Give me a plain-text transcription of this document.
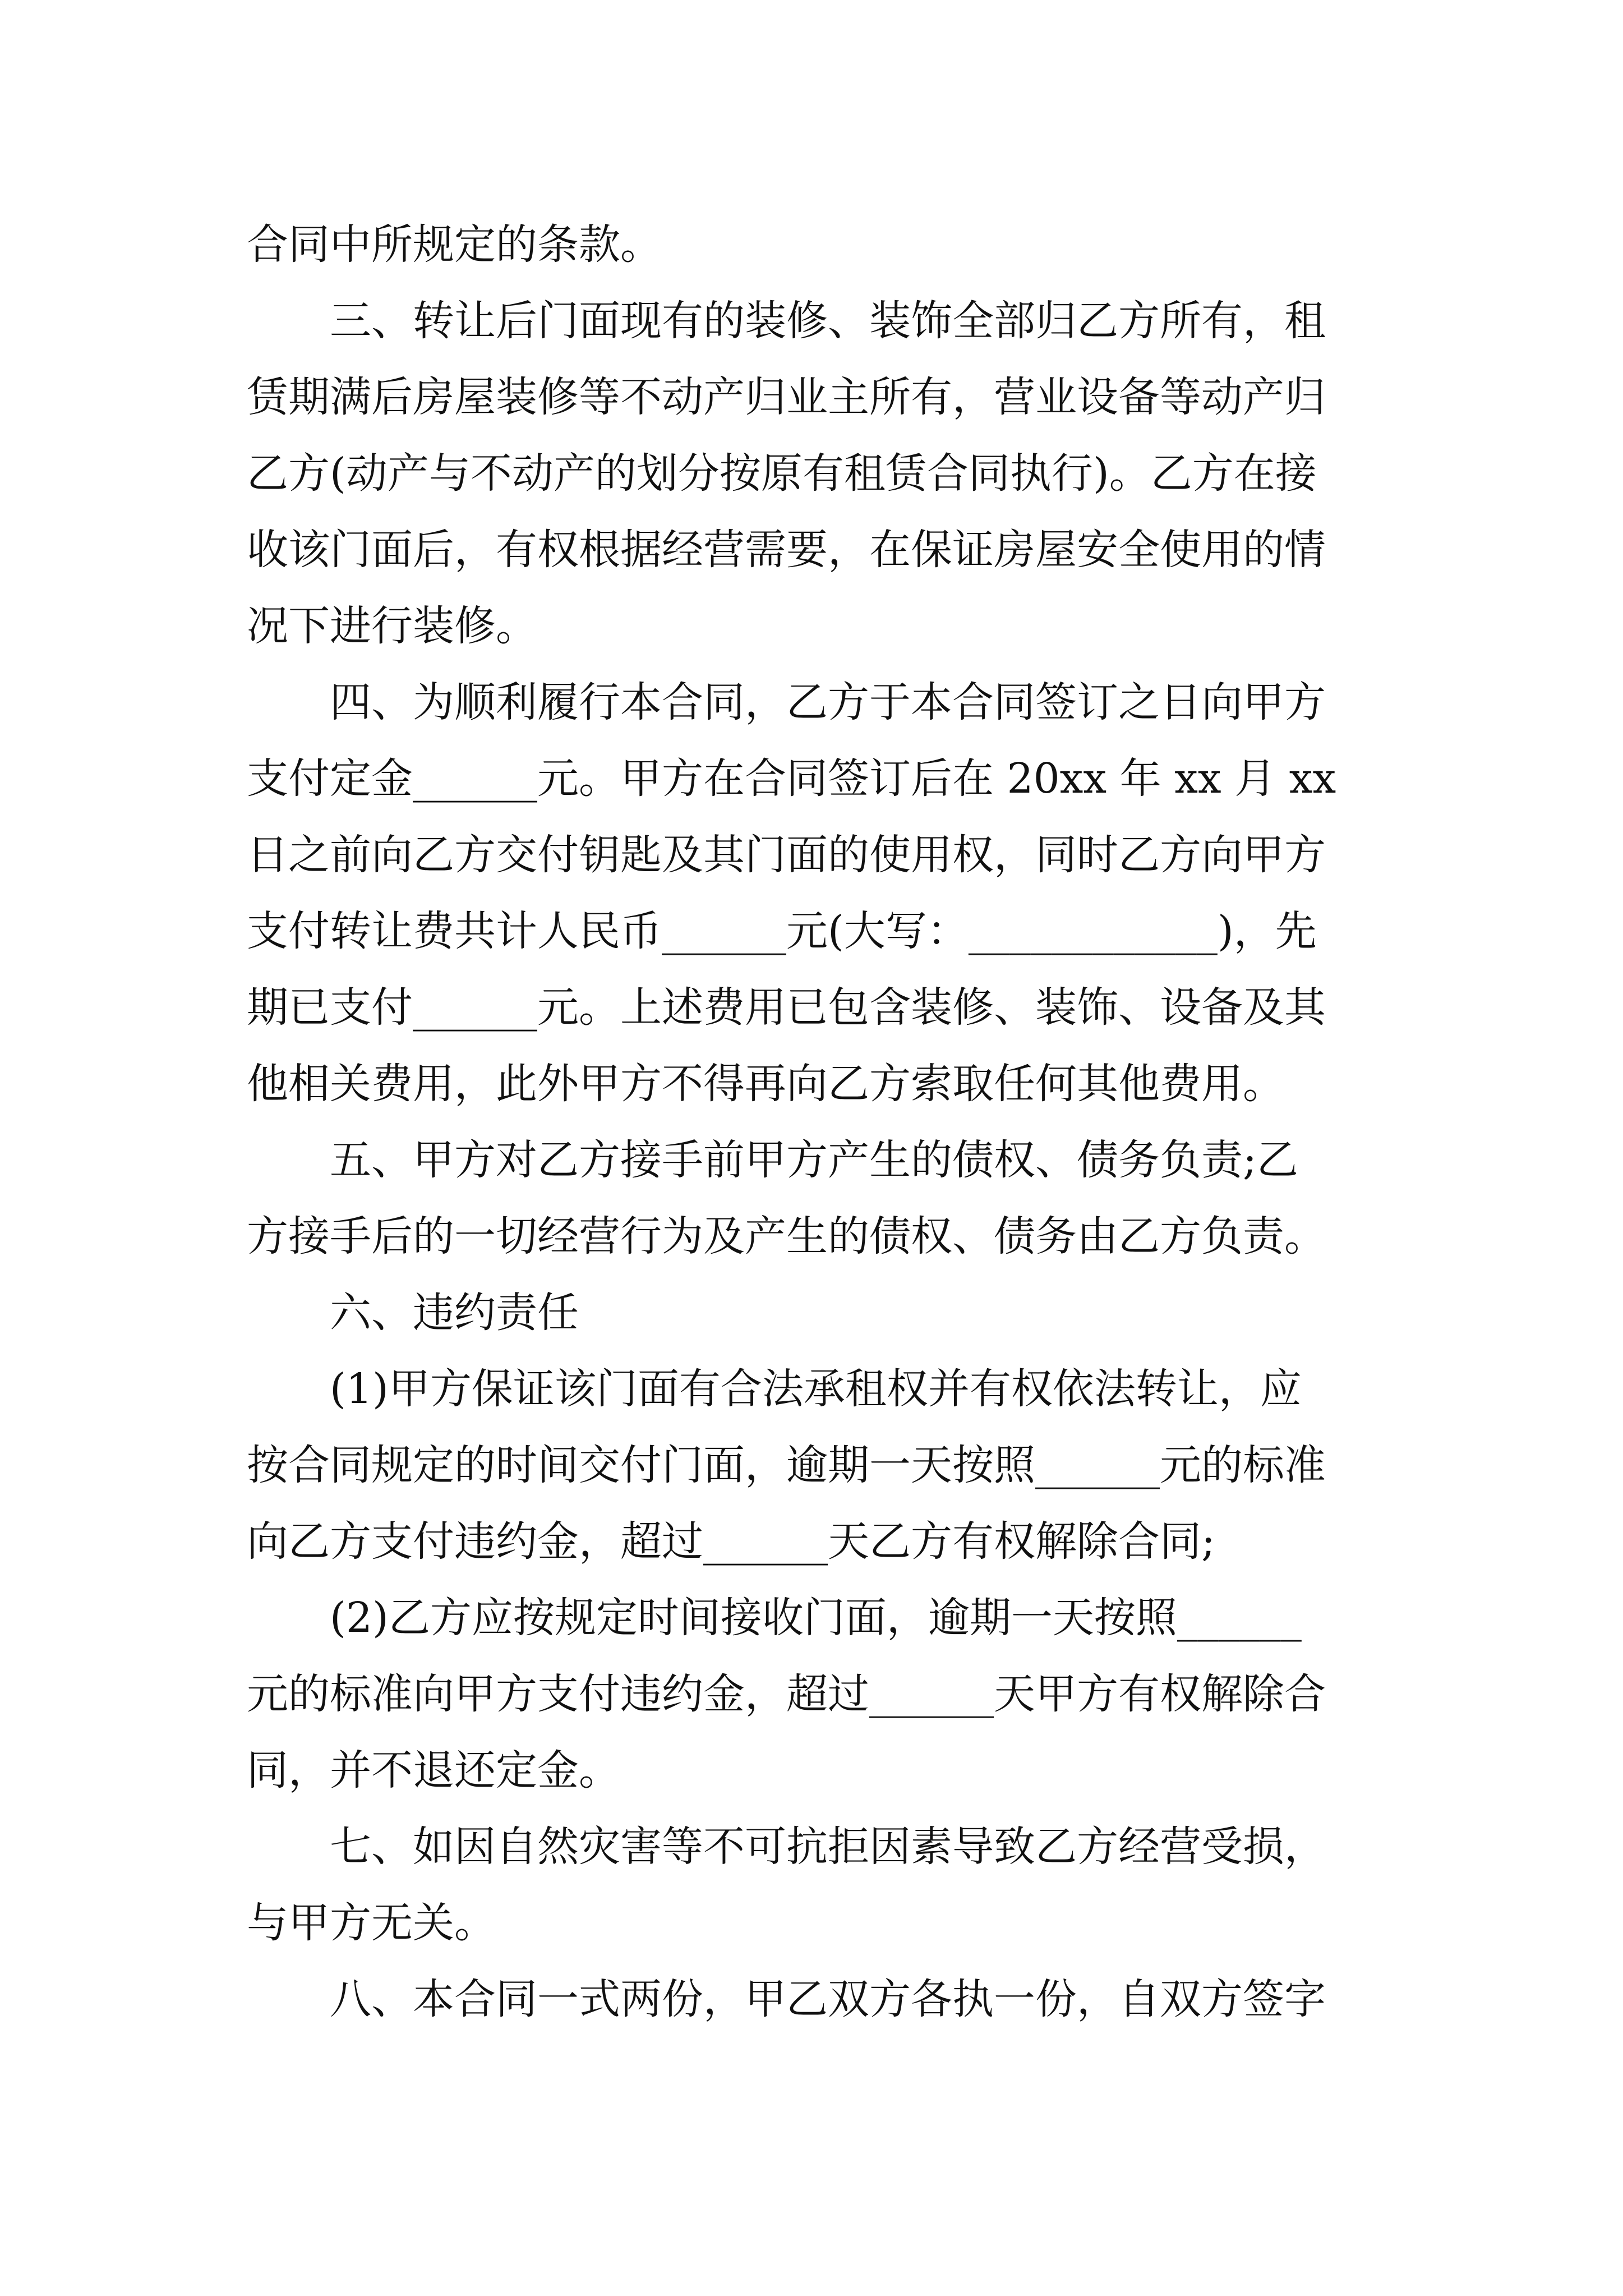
合同中所规定的条款。
三、转让后门面现有的装修、装饰全部归乙方所有，租
赁期满后房屋装修等不动产归业主所有，营业设备等动产归
乙方(动产与不动产的划分按原有租赁合同执行)。乙方在接
收该门面后，有权根据经营需要，在保证房屋安全使用的情
况下进行装修。
四、为顺利履行本合同，乙方于本合同签订之日向甲方
支付定金______元。甲方在合同签订后在 20xx 年 xx 月 xx
日之前向乙方交付钥匙及其门面的使用权，同时乙方向甲方
支付转让费共计人民币______元(大写：____________)，先
期已支付______元。上述费用已包含装修、装饰、设备及其
他相关费用，此外甲方不得再向乙方索取任何其他费用。
五、甲方对乙方接手前甲方产生的债权、债务负责;乙
方接手后的一切经营行为及产生的债权、债务由乙方负责。
六、违约责任
(1)甲方保证该门面有合法承租权并有权依法转让，应
按合同规定的时间交付门面，逾期一天按照______元的标准
向乙方支付违约金，超过______天乙方有权解除合同;
(2)乙方应按规定时间接收门面，逾期一天按照______
元的标准向甲方支付违约金，超过______天甲方有权解除合
同，并不退还定金。
七、如因自然灾害等不可抗拒因素导致乙方经营受损，
与甲方无关。
八、本合同一式两份，甲乙双方各执一份，自双方签字
